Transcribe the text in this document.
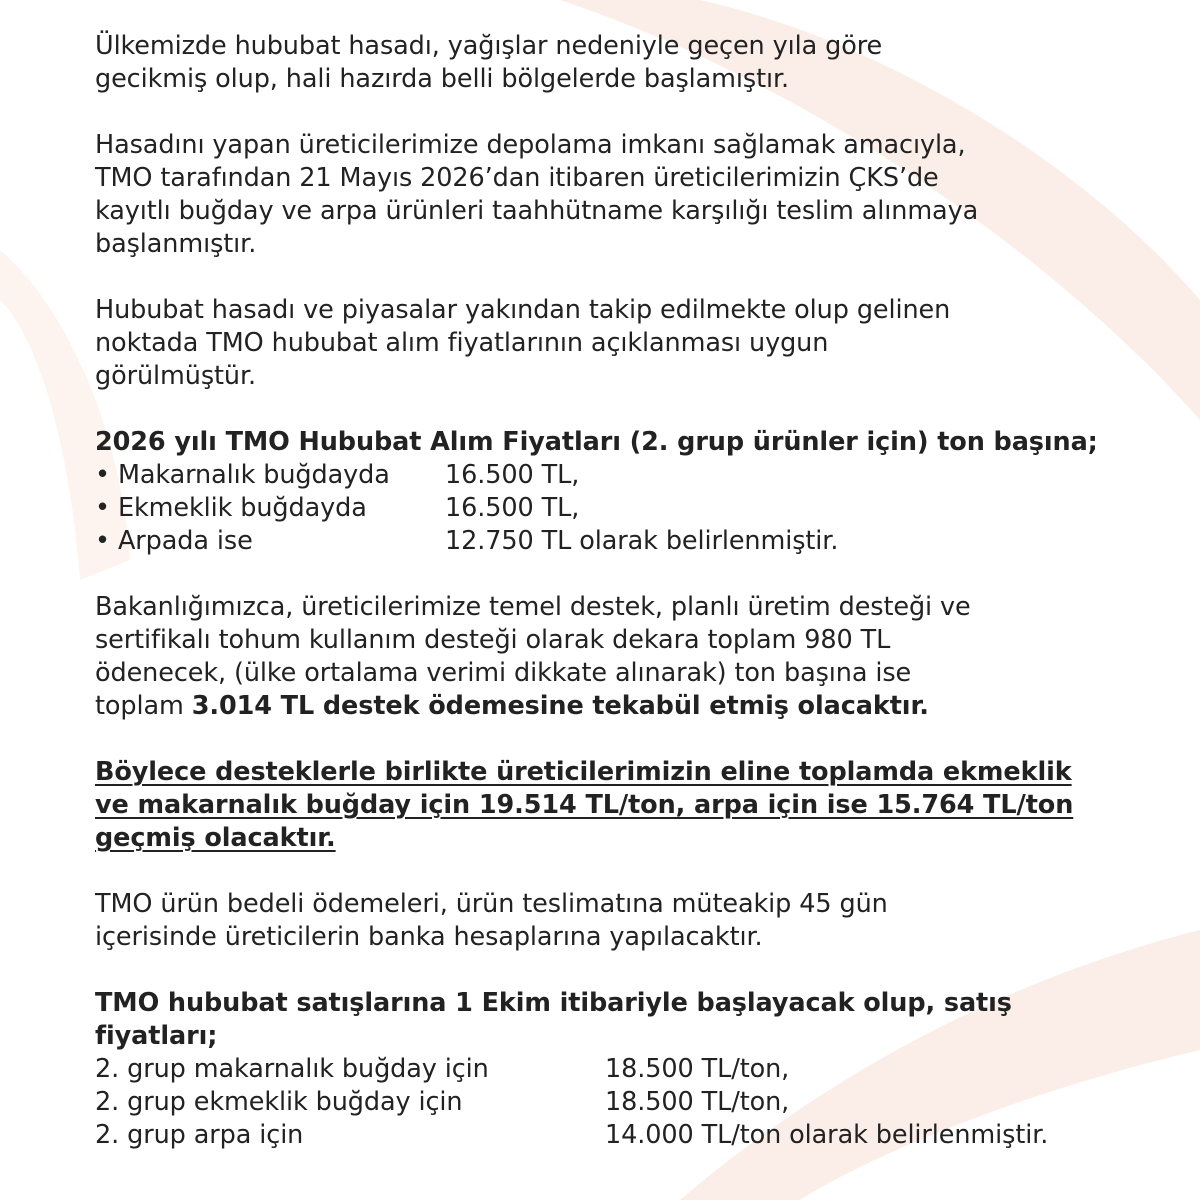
Ülkemizde hububat hasadı, yağışlar nedeniyle geçen yıla göre
gecikmiş olup, hali hazırda belli bölgelerde başlamıştır.
Hasadını yapan üreticilerimize depolama imkanı sağlamak amacıyla,
TMO tarafından 21 Mayıs 2026’dan itibaren üreticilerimizin ÇKS’de
kayıtlı buğday ve arpa ürünleri taahhütname karşılığı teslim alınmaya
başlanmıştır.
Hububat hasadı ve piyasalar yakından takip edilmekte olup gelinen
noktada TMO hububat alım fiyatlarının açıklanması uygun
görülmüştür.
2026 yılı TMO Hububat Alım Fiyatları (2. grup ürünler için) ton başına;
• Makarnalık buğdayda	16.500 TL,
• Ekmeklik buğdayda	16.500 TL,
• Arpada ise	12.750 TL olarak belirlenmiştir.
Bakanlığımızca, üreticilerimize temel destek, planlı üretim desteği ve
sertifikalı tohum kullanım desteği olarak dekara toplam 980 TL
ödenecek, (ülke ortalama verimi dikkate alınarak) ton başına ise
toplam 3.014 TL destek ödemesine tekabül etmiş olacaktır.
Böylece desteklerle birlikte üreticilerimizin eline toplamda ekmeklik
ve makarnalık buğday için 19.514 TL/ton, arpa için ise 15.764 TL/ton
geçmiş olacaktır.
TMO ürün bedeli ödemeleri, ürün teslimatına müteakip 45 gün
içerisinde üreticilerin banka hesaplarına yapılacaktır.
TMO hububat satışlarına 1 Ekim itibariyle başlayacak olup, satış
fiyatları;
2. grup makarnalık buğday için	18.500 TL/ton,
2. grup ekmeklik buğday için	18.500 TL/ton,
2. grup arpa için	14.000 TL/ton olarak belirlenmiştir.
